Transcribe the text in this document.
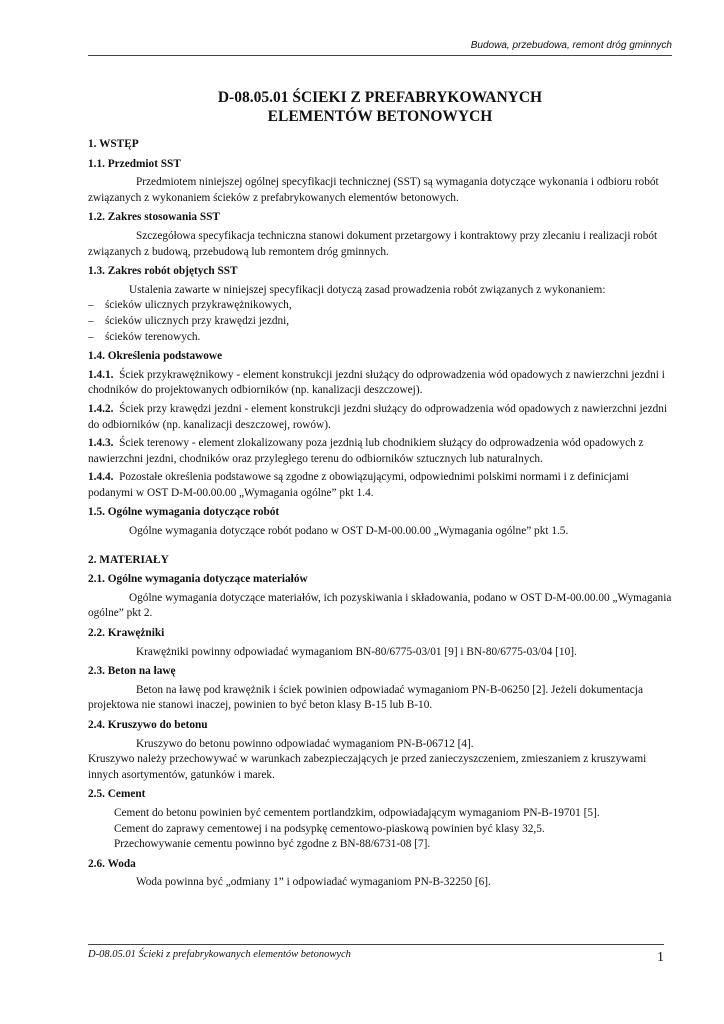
Budowa, przebudowa, remont dróg gminnych
D-08.05.01 ŚCIEKI Z PREFABRYKOWANYCH
ELEMENTÓW BETONOWYCH

1. WSTĘP

1.1. Przedmiot SST

Przedmiotem niniejszej ogólnej specyfikacji technicznej (SST) są wymagania dotyczące wykonania i odbioru robót związanych z wykonaniem ścieków z prefabrykowanych elementów betonowych.

1.2. Zakres stosowania SST

Szczegółowa specyfikacja techniczna stanowi dokument przetargowy i kontraktowy przy zlecaniu i realizacji robót związanych z budową, przebudową lub remontem dróg gminnych.

1.3. Zakres robót objętych SST

Ustalenia zawarte w niniejszej specyfikacji dotyczą zasad prowadzenia robót związanych z wykonaniem:

– ścieków ulicznych przykrawężnikowych,
– ścieków ulicznych przy krawędzi jezdni,
– ścieków terenowych.

1.4. Określenia podstawowe

1.4.1. Ściek przykrawężnikowy - element konstrukcji jezdni służący do odprowadzenia wód opadowych z nawierzchni jezdni i chodników do projektowanych odbiorników (np. kanalizacji deszczowej).

1.4.2. Ściek przy krawędzi jezdni - element konstrukcji jezdni służący do odprowadzenia wód opadowych z nawierzchni jezdni do odbiorników (np. kanalizacji deszczowej, rowów).

1.4.3. Ściek terenowy - element zlokalizowany poza jezdnią lub chodnikiem służący do odprowadzenia wód opadowych z nawierzchni jezdni, chodników oraz przyległego terenu do odbiorników sztucznych lub naturalnych.

1.4.4. Pozostałe określenia podstawowe są zgodne z obowiązującymi, odpowiednimi polskimi normami i z definicjami podanymi w OST D-M-00.00.00 „Wymagania ogólne” pkt 1.4.

1.5. Ogólne wymagania dotyczące robót

Ogólne wymagania dotyczące robót podano w OST D-M-00.00.00 „Wymagania ogólne” pkt 1.5.

2. MATERIAŁY

2.1. Ogólne wymagania dotyczące materiałów

Ogólne wymagania dotyczące materiałów, ich pozyskiwania i składowania, podano w OST D-M-00.00.00 „Wymagania ogólne” pkt 2.

2.2. Krawężniki

Krawężniki powinny odpowiadać wymaganiom BN-80/6775-03/01 [9] i BN-80/6775-03/04 [10].

2.3. Beton na ławę

Beton na ławę pod krawężnik i ściek powinien odpowiadać wymaganiom PN-B-06250 [2]. Jeżeli dokumentacja projektowa nie stanowi inaczej, powinien to być beton klasy B-15 lub B-10.

2.4. Kruszywo do betonu

Kruszywo do betonu powinno odpowiadać wymaganiom PN-B-06712 [4].

Kruszywo należy przechowywać w warunkach zabezpieczających je przed zanieczyszczeniem, zmieszaniem z kruszywami innych asortymentów, gatunków i marek.

2.5. Cement

Cement do betonu powinien być cementem portlandzkim, odpowiadającym wymaganiom PN-B-19701 [5].

Cement do zaprawy cementowej i na podsypkę cementowo-piaskową powinien być klasy 32,5.

Przechowywanie cementu powinno być zgodne z BN-88/6731-08 [7].

2.6. Woda

Woda powinna być „odmiany 1” i odpowiadać wymaganiom PN-B-32250 [6].

D-08.05.01 Ścieki z prefabrykowanych elementów betonowych	1
